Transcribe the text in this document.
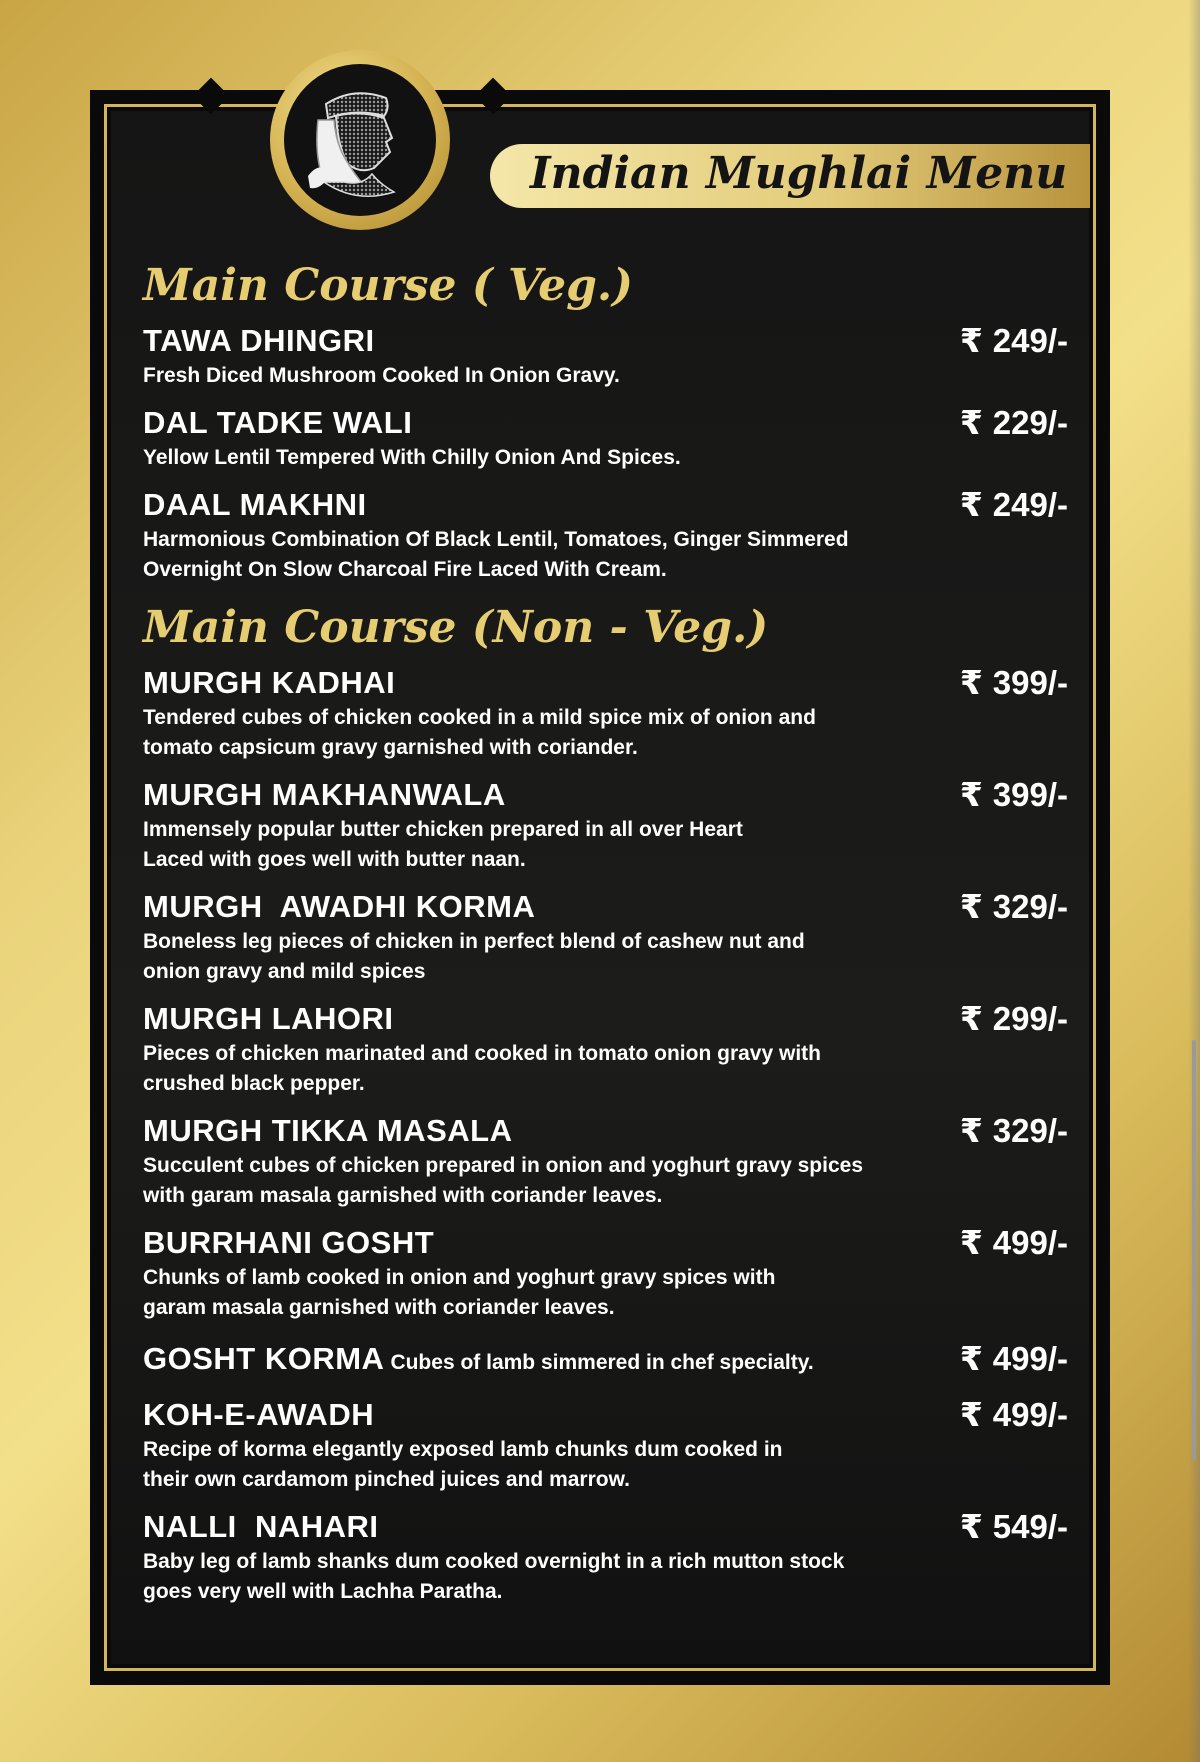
Indian Mughlai Menu
Main Course ( Veg.)
TAWA DHINGRI
Fresh Diced Mushroom Cooked In Onion Gravy.
₹ 249/-
DAL TADKE WALI
Yellow Lentil Tempered With Chilly Onion And Spices.
₹ 229/-
DAAL MAKHNI
Harmonious Combination Of Black Lentil, Tomatoes, Ginger Simmered Overnight On Slow Charcoal Fire Laced With Cream.
₹ 249/-
Main Course (Non - Veg.)
MURGH KADHAI
Tendered cubes of chicken cooked in a mild spice mix of onion and tomato capsicum gravy garnished with coriander.
₹ 399/-
MURGH MAKHANWALA
Immensely popular butter chicken prepared in all over Heart Laced with goes well with butter naan.
₹ 399/-
MURGH  AWADHI KORMA
Boneless leg pieces of chicken in perfect blend of cashew nut and onion gravy and mild spices
₹ 329/-
MURGH LAHORI
Pieces of chicken marinated and cooked in tomato onion gravy with crushed black pepper.
₹ 299/-
MURGH TIKKA MASALA
Succulent cubes of chicken prepared in onion and yoghurt gravy spices with garam masala garnished with coriander leaves.
₹ 329/-
BURRHANI GOSHT
Chunks of lamb cooked in onion and yoghurt gravy spices with garam masala garnished with coriander leaves.
₹ 499/-
GOSHT KORMA Cubes of lamb simmered in chef specialty.	₹ 499/-
KOH-E-AWADH
Recipe of korma elegantly exposed lamb chunks dum cooked in their own cardamom pinched juices and marrow.
₹ 499/-
NALLI  NAHARI
Baby leg of lamb shanks dum cooked overnight in a rich mutton stock goes very well with Lachha Paratha.
₹ 549/-
